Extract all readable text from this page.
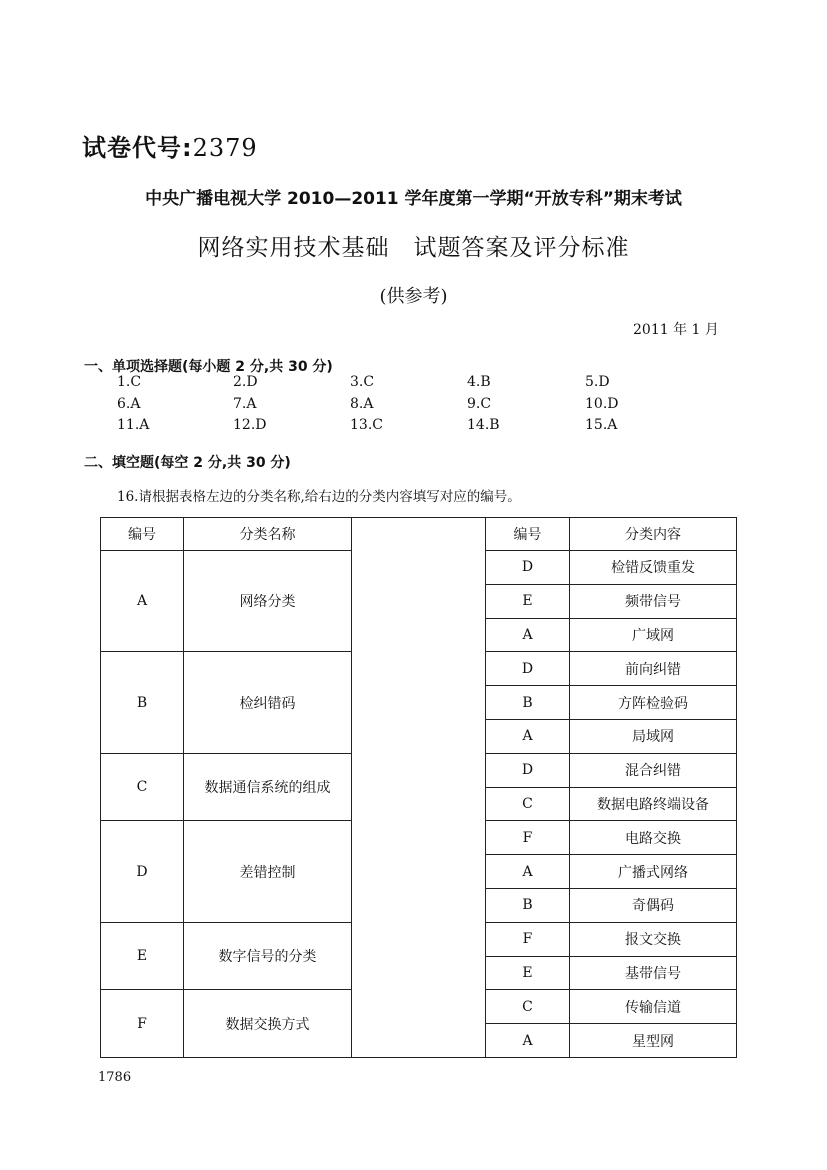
试卷代号:2379
中央广播电视大学 2010—2011 学年度第一学期“开放专科”期末考试
网络实用技术基础　试题答案及评分标准
(供参考)
2011 年 1 月
一、单项选择题(每小题 2 分,共 30 分)
1.C	2.D	3.C	4.B	5.D
6.A	7.A	8.A	9.C	10.D
11.A	12.D	13.C	14.B	15.A
二、填空题(每空 2 分,共 30 分)
16.请根据表格左边的分类名称,给右边的分类内容填写对应的编号。
编号	分类名称		编号	分类内容
A	网络分类		D	检错反馈重发
			E	频带信号
			A	广域网
B	检纠错码		D	前向纠错
			B	方阵检验码
			A	局域网
C	数据通信系统的组成		D	混合纠错
			C	数据电路终端设备
D	差错控制		F	电路交换
			A	广播式网络
			B	奇偶码
E	数字信号的分类		F	报文交换
			E	基带信号
F	数据交换方式		C	传输信道
			A	星型网
1786
